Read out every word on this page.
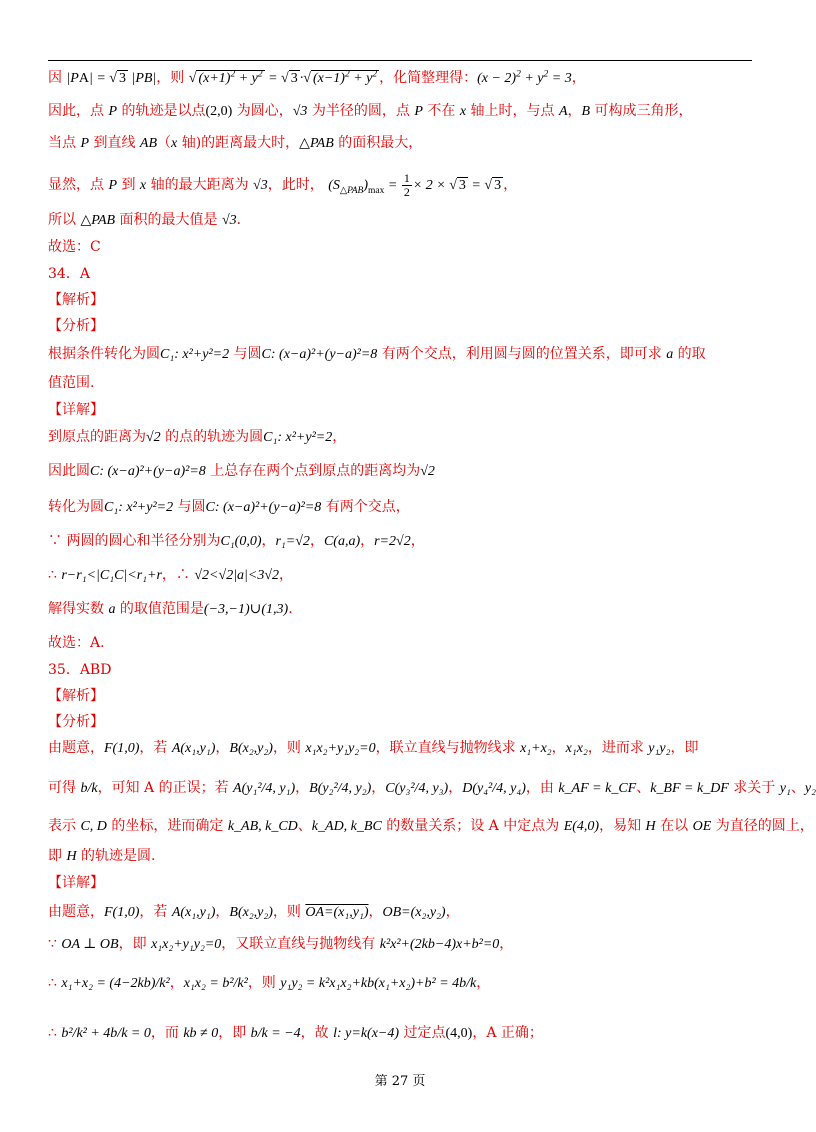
因 |PA| = √ 3 |PB|，则 √ $(x+1)^2 + y^2$ = √ 3 ·√ $(x-1)^2 + y^2$ ，化简整理得：$(x - 2)^2 + y^2 = 3$，
因此，点 P 的轨迹是以点(2,0) 为圆心，√3 为半径的圆，点 P 不在 x 轴上时，与点 A，B 可构成三角形，
当点 P 到直线 AB（x 轴)的距离最大时，△PAB 的面积最大，
显然，点 P 到 x 轴的最大距离为 √3，此时， $(S_{\triangle PAB})_{max} = \frac{1}{2} \times 2$ × √ 3 = √ 3 ，
所以 △PAB 面积的最大值是 √3．
故选：C
34．A
【解析】
【分析】
根据条件转化为圆C₁: x²+y²=2 与圆C: (x−a)²+(y−a)²=8 有两个交点，利用圆与圆的位置关系，即可求 a 的取
值范围.
【详解】
到原点的距离为√2 的点的轨迹为圆C₁: x²+y²=2，
因此圆C: (x−a)²+(y−a)²=8 上总存在两个点到原点的距离均为√2
转化为圆C₁: x²+y²=2 与圆C: (x−a)²+(y−a)²=8 有两个交点，
∵ 两圆的圆心和半径分别为C₁(0,0)，r₁=√2，C(a,a)，r=2√2，
∴ r−r₁<|C₁C|<r₁+r，∴ √2<√2|a|<3√2，
解得实数 a 的取值范围是(−3,−1)∪(1,3).
故选：A.
35．ABD
【解析】
【分析】
由题意，F(1,0)，若 A(x₁,y₁)，B(x₂,y₂)，则 x₁x₂+y₁y₂=0，联立直线与抛物线求 x₁+x₂，x₁x₂，进而求 y₁y₂，即
可得 b/k，可知 A 的正误；若 A(y₁²/4, y₁)，B(y₂²/4, y₂)，C(y₃²/4, y₃)，D(y₄²/4, y₄)，由 k_AF = k_CF、k_BF = k_DF 求关于 y₁、y₂
表示 C, D 的坐标，进而确定 k_AB, k_CD、k_AD, k_BC 的数量关系；设 A 中定点为 E(4,0)，易知 H 在以 OE 为直径的圆上，
即 H 的轨迹是圆.
【详解】
由题意，F(1,0)，若 A(x₁,y₁)，B(x₂,y₂)，则 OA=(x₁,y₁)，OB=(x₂,y₂)，
∵ OA ⊥ OB，即 x₁x₂+y₁y₂=0，又联立直线与抛物线有 k²x²+(2kb−4)x+b²=0，
∴ x₁+x₂ = (4−2kb)/k²，x₁x₂ = b²/k²，则 y₁y₂ = k²x₁x₂+kb(x₁+x₂)+b² = 4b/k，
∴ b²/k² + 4b/k = 0，而 kb ≠ 0，即 b/k = −4，故 l: y=k(x−4) 过定点(4,0)，A 正确；
第 27 页
